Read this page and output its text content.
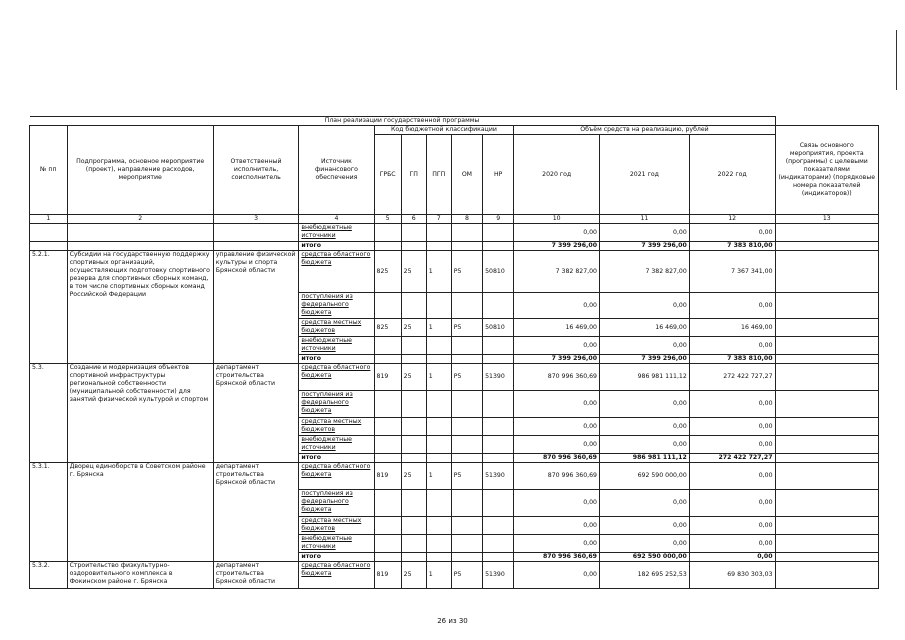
План реализации государственной программы												
№ пп	Подпрограмма, основное мероприятие (проект), направление расходов, мероприятие	Ответственный исполнитель, соисполнитель	Источник финансового обеспечения	Код бюджетной классификации					Объём средств на реализацию, рублей			Связь основного мероприятия, проекта (программы) с целевыми показателями (индикаторами) (порядковые номера показателей (индикаторов))
				ГРБС	ГП	ПГП	ОМ	НР	2020 год	2021 год	2022 год	
1	2	3	4	5	6	7	8	9	10	11	12	13
			внебюджетные источники						0,00	0,00	0,00	
			итого						7 399 296,00	7 399 296,00	7 383 810,00	
5.2.1.	Субсидии на государственную поддержку спортивных организаций, осуществляющих подготовку спортивного резерва для спортивных сборных команд, в том числе спортивных сборных команд Российской Федерации	управление физической культуры и спорта Брянской области	средства областного бюджета	825	25	1	P5	50810	7 382 827,00	7 382 827,00	7 367 341,00	
			поступления из федерального бюджета						0,00	0,00	0,00	
			средства местных бюджетов	825	25	1	P5	50810	16 469,00	16 469,00	16 469,00	
			внебюджетные источники						0,00	0,00	0,00	
			итого						7 399 296,00	7 399 296,00	7 383 810,00	
5.3.	Создание и модернизация объектов спортивной инфраструктуры региональной собственности (муниципальной собственности) для занятий физической культурой и спортом	департамент строительства Брянской области	средства областного бюджета	819	25	1	P5	51390	870 996 360,69	986 981 111,12	272 422 727,27	
			поступления из федерального бюджета						0,00	0,00	0,00	
			средства местных бюджетов						0,00	0,00	0,00	
			внебюджетные источники						0,00	0,00	0,00	
			итого						870 996 360,69	986 981 111,12	272 422 727,27	
5.3.1.	Дворец единоборств в Советском районе г. Брянска	департамент строительства Брянской области	средства областного бюджета	819	25	1	P5	51390	870 996 360,69	692 590 000,00	0,00	
			поступления из федерального бюджета						0,00	0,00	0,00	
			средства местных бюджетов						0,00	0,00	0,00	
			внебюджетные источники						0,00	0,00	0,00	
			итого						870 996 360,69	692 590 000,00	0,00	
5.3.2.	Строительство физкультурно-оздоровительного комплекса в Фокинском районе г. Брянска	департамент строительства Брянской области	средства областного бюджета	819	25	1	P5	51390	0,00	182 695 252,53	69 830 303,03	
26 из 30
